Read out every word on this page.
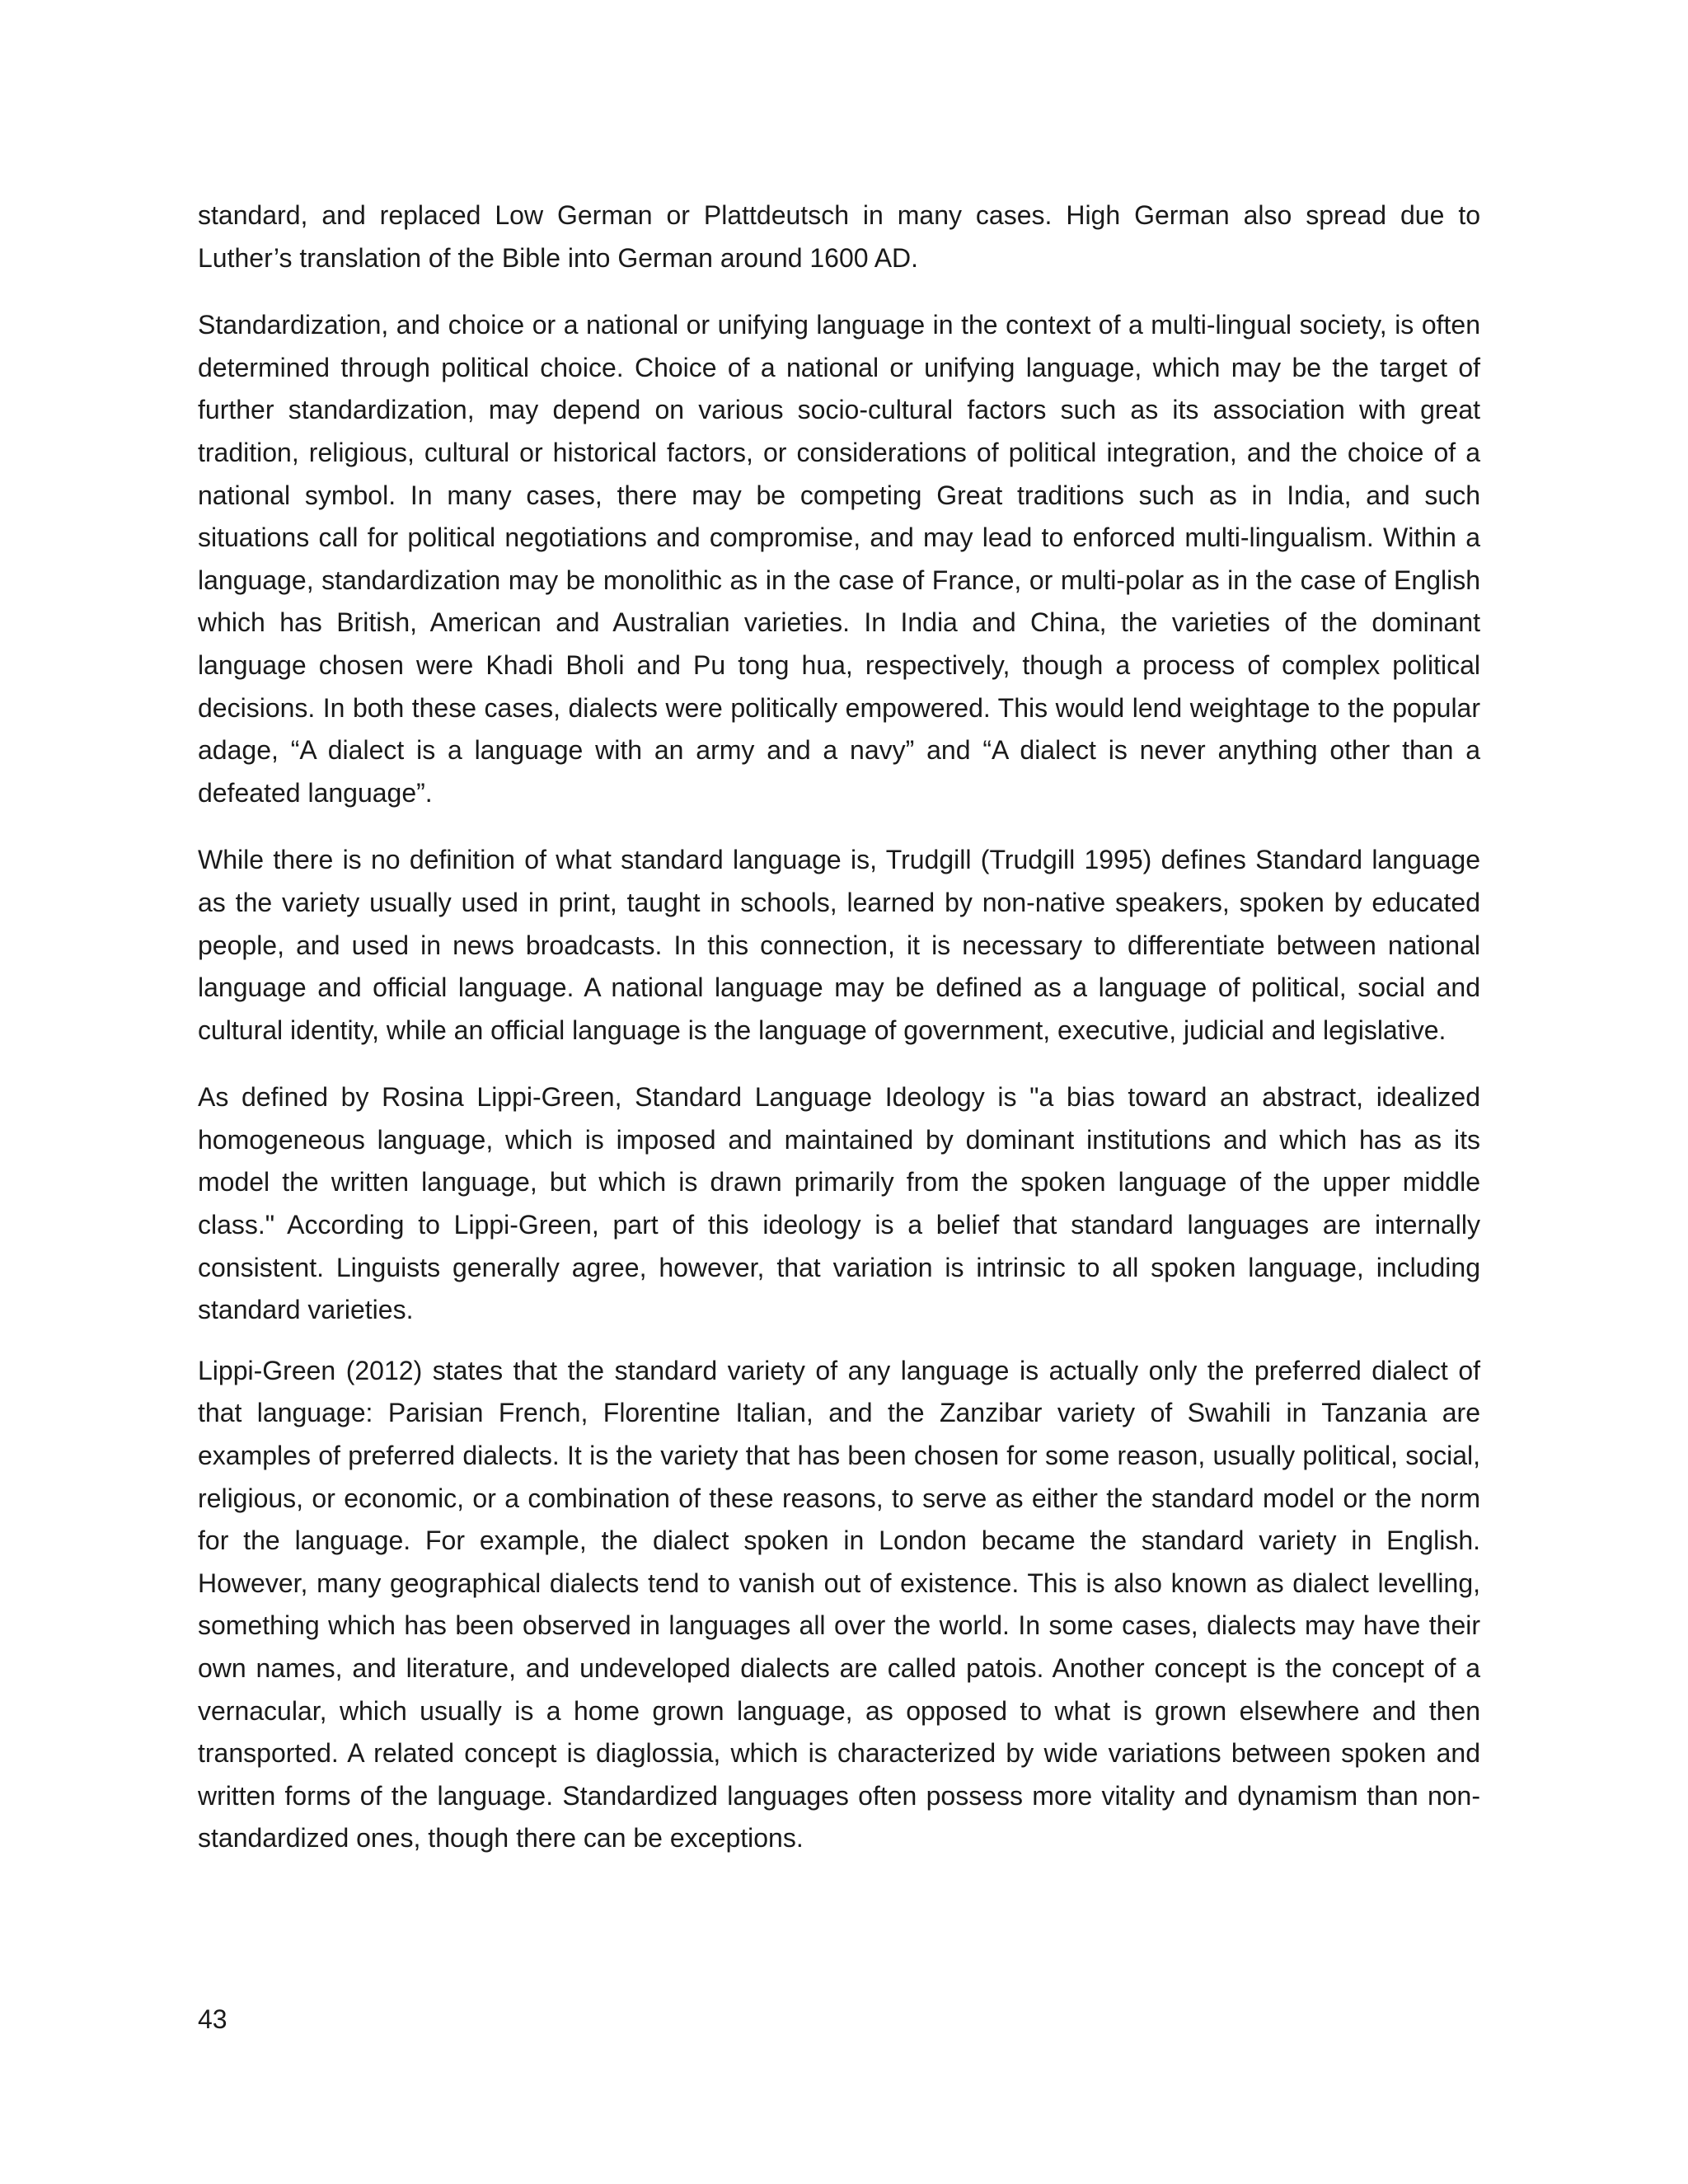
standard, and replaced Low German or Plattdeutsch in many cases. High German also spread due to Luther’s translation of the Bible into German around 1600 AD.

Standardization, and choice or a national or unifying language in the context of a multi-lingual society, is often determined through political choice. Choice of a national or unifying language, which may be the target of further standardization, may depend on various socio-cultural factors such as its association with great tradition, religious, cultural or historical factors, or considerations of political integration, and the choice of a national symbol. In many cases, there may be competing Great traditions such as in India, and such situations call for political negotiations and compromise, and may lead to enforced multi-lingualism. Within a language, standardization may be monolithic as in the case of France, or multi-polar as in the case of English which has British, American and Australian varieties. In India and China, the varieties of the dominant language chosen were Khadi Bholi and Pu tong hua, respectively, though a process of complex political decisions. In both these cases, dialects were politically empowered. This would lend weightage to the popular adage, “A dialect is a language with an army and a navy” and “A dialect is never anything other than a defeated language”.

While there is no definition of what standard language is, Trudgill (Trudgill 1995) defines Standard language as the variety usually used in print, taught in schools, learned by non-native speakers, spoken by educated people, and used in news broadcasts. In this connection, it is necessary to differentiate between national language and official language. A national language may be defined as a language of political, social and cultural identity, while an official language is the language of government, executive, judicial and legislative.

As defined by Rosina Lippi-Green, Standard Language Ideology is "a bias toward an abstract, idealized homogeneous language, which is imposed and maintained by dominant institutions and which has as its model the written language, but which is drawn primarily from the spoken language of the upper middle class." According to Lippi-Green, part of this ideology is a belief that standard languages are internally consistent. Linguists generally agree, however, that variation is intrinsic to all spoken language, including standard varieties.

Lippi-Green (2012) states that the standard variety of any language is actually only the preferred dialect of that language: Parisian French, Florentine Italian, and the Zanzibar variety of Swahili in Tanzania are examples of preferred dialects. It is the variety that has been chosen for some reason, usually political, social, religious, or economic, or a combination of these reasons, to serve as either the standard model or the norm for the language. For example, the dialect spoken in London became the standard variety in English. However, many geographical dialects tend to vanish out of existence. This is also known as dialect levelling, something which has been observed in languages all over the world. In some cases, dialects may have their own names, and literature, and undeveloped dialects are called patois. Another concept is the concept of a vernacular, which usually is a home grown language, as opposed to what is grown elsewhere and then transported. A related concept is diaglossia, which is characterized by wide variations between spoken and written forms of the language. Standardized languages often possess more vitality and dynamism than non-standardized ones, though there can be exceptions.

43
